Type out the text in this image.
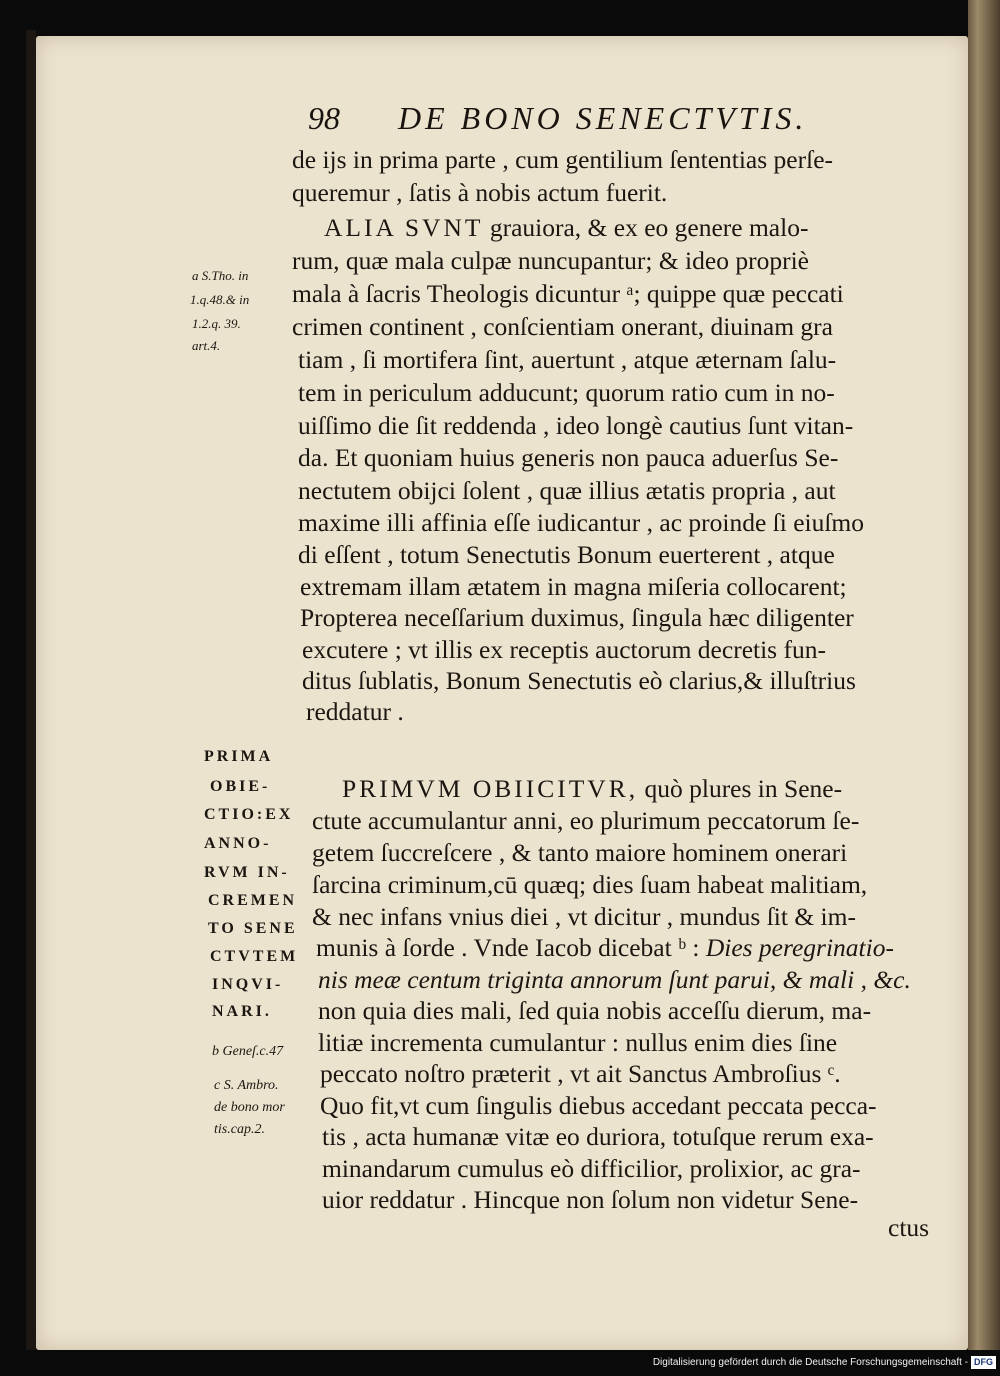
98 DE BONO SENECTVTIS.
de ijs in prima parte , cum gentilium ſententias perſe-
queremur , ſatis à nobis actum fuerit.
ALIA SVNT grauiora, & ex eo genere malo-
rum, quæ mala culpæ nuncupantur; & ideo propriè
mala à ſacris Theologis dicuntur ᵃ; quippe quæ peccati
crimen continent , conſcientiam onerant, diuinam gra
tiam , ſi mortifera ſint, auertunt , atque æternam ſalu-
tem in periculum adducunt; quorum ratio cum in no-
uiſſimo die ſit reddenda , ideo longè cautius ſunt vitan-
da. Et quoniam huius generis non pauca aduerſus Se-
nectutem obijci ſolent , quæ illius ætatis propria , aut
maxime illi affinia eſſe iudicantur , ac proinde ſi eiuſmo
di eſſent , totum Senectutis Bonum euerterent , atque
extremam illam ætatem in magna miſeria collocarent;
Propterea neceſſarium duximus, ſingula hæc diligenter
excutere ; vt illis ex receptis auctorum decretis fun-
ditus ſublatis, Bonum Senectutis eò clarius,& illuſtrius
reddatur .
PRIMVM OBIICITVR, quò plures in Sene-
ctute accumulantur anni, eo plurimum peccatorum ſe-
getem ſuccreſcere , & tanto maiore hominem onerari
ſarcina criminum,cū quæq; dies ſuam habeat malitiam,
& nec infans vnius diei , vt dicitur , mundus ſit & im-
munis à ſorde . Vnde Iacob dicebat ᵇ : Dies peregrinatio-
nis meæ centum triginta annorum ſunt parui, & mali , &c.
non quia dies mali, ſed quia nobis acceſſu dierum, ma-
litiæ incrementa cumulantur : nullus enim dies ſine
peccato noſtro præterit , vt ait Sanctus Ambroſius ᶜ.
Quo fit,vt cum ſingulis diebus accedant peccata pecca-
tis , acta humanæ vitæ eo duriora, totuſque rerum exa-
minandarum cumulus eò difficilior, prolixior, ac gra-
uior reddatur . Hincque non ſolum non videtur Sene-
ctus
a S.Tho. in
1.q.48.& in
1.2.q. 39.
art.4.
PRIMA
OBIE-
CTIO:EX
ANNO-
RVM IN-
CREMEN
TO SENE
CTVTEM
INQVI-
NARI.
b Geneſ.c.47
c S. Ambro.
de bono mor
tis.cap.2.
Digitalisierung gefördert durch die Deutsche Forschungsgemeinschaft - DFG
